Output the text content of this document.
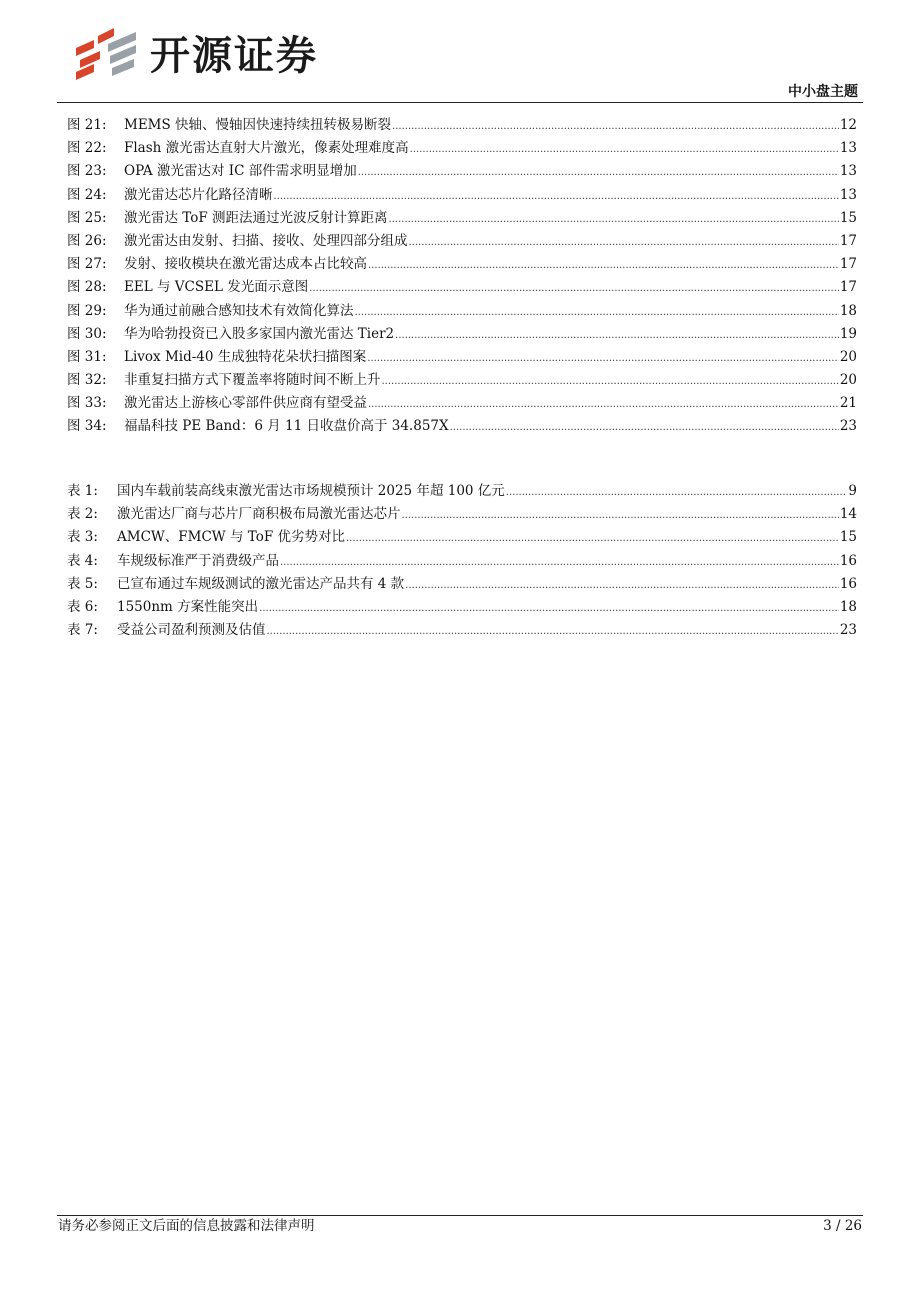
开源证券
中小盘主题
图 21:	MEMS 快轴、慢轴因快速持续扭转极易断裂 .....	12
图 22:	Flash 激光雷达直射大片激光，像素处理难度高 .....	13
图 23:	OPA 激光雷达对 IC 部件需求明显增加 .....	13
图 24:	激光雷达芯片化路径清晰 .....	13
图 25:	激光雷达 ToF 测距法通过光波反射计算距离 .....	15
图 26:	激光雷达由发射、扫描、接收、处理四部分组成 .....	17
图 27:	发射、接收模块在激光雷达成本占比较高 .....	17
图 28:	EEL 与 VCSEL 发光面示意图 .....	17
图 29:	华为通过前融合感知技术有效简化算法 .....	18
图 30:	华为哈勃投资已入股多家国内激光雷达 Tier2 .....	19
图 31:	Livox Mid-40 生成独特花朵状扫描图案 .....	20
图 32:	非重复扫描方式下覆盖率将随时间不断上升 .....	20
图 33:	激光雷达上游核心零部件供应商有望受益 .....	21
图 34:	福晶科技 PE Band：6 月 11 日收盘价高于 34.857X .....	23
表 1:	国内车载前装高线束激光雷达市场规模预计 2025 年超 100 亿元 .....	9
表 2:	激光雷达厂商与芯片厂商积极布局激光雷达芯片 .....	14
表 3:	AMCW、FMCW 与 ToF 优劣势对比 .....	15
表 4:	车规级标准严于消费级产品 .....	16
表 5:	已宣布通过车规级测试的激光雷达产品共有 4 款 .....	16
表 6:	1550nm 方案性能突出 .....	18
表 7:	受益公司盈利预测及估值 .....	23
请务必参阅正文后面的信息披露和法律声明	3 / 26
